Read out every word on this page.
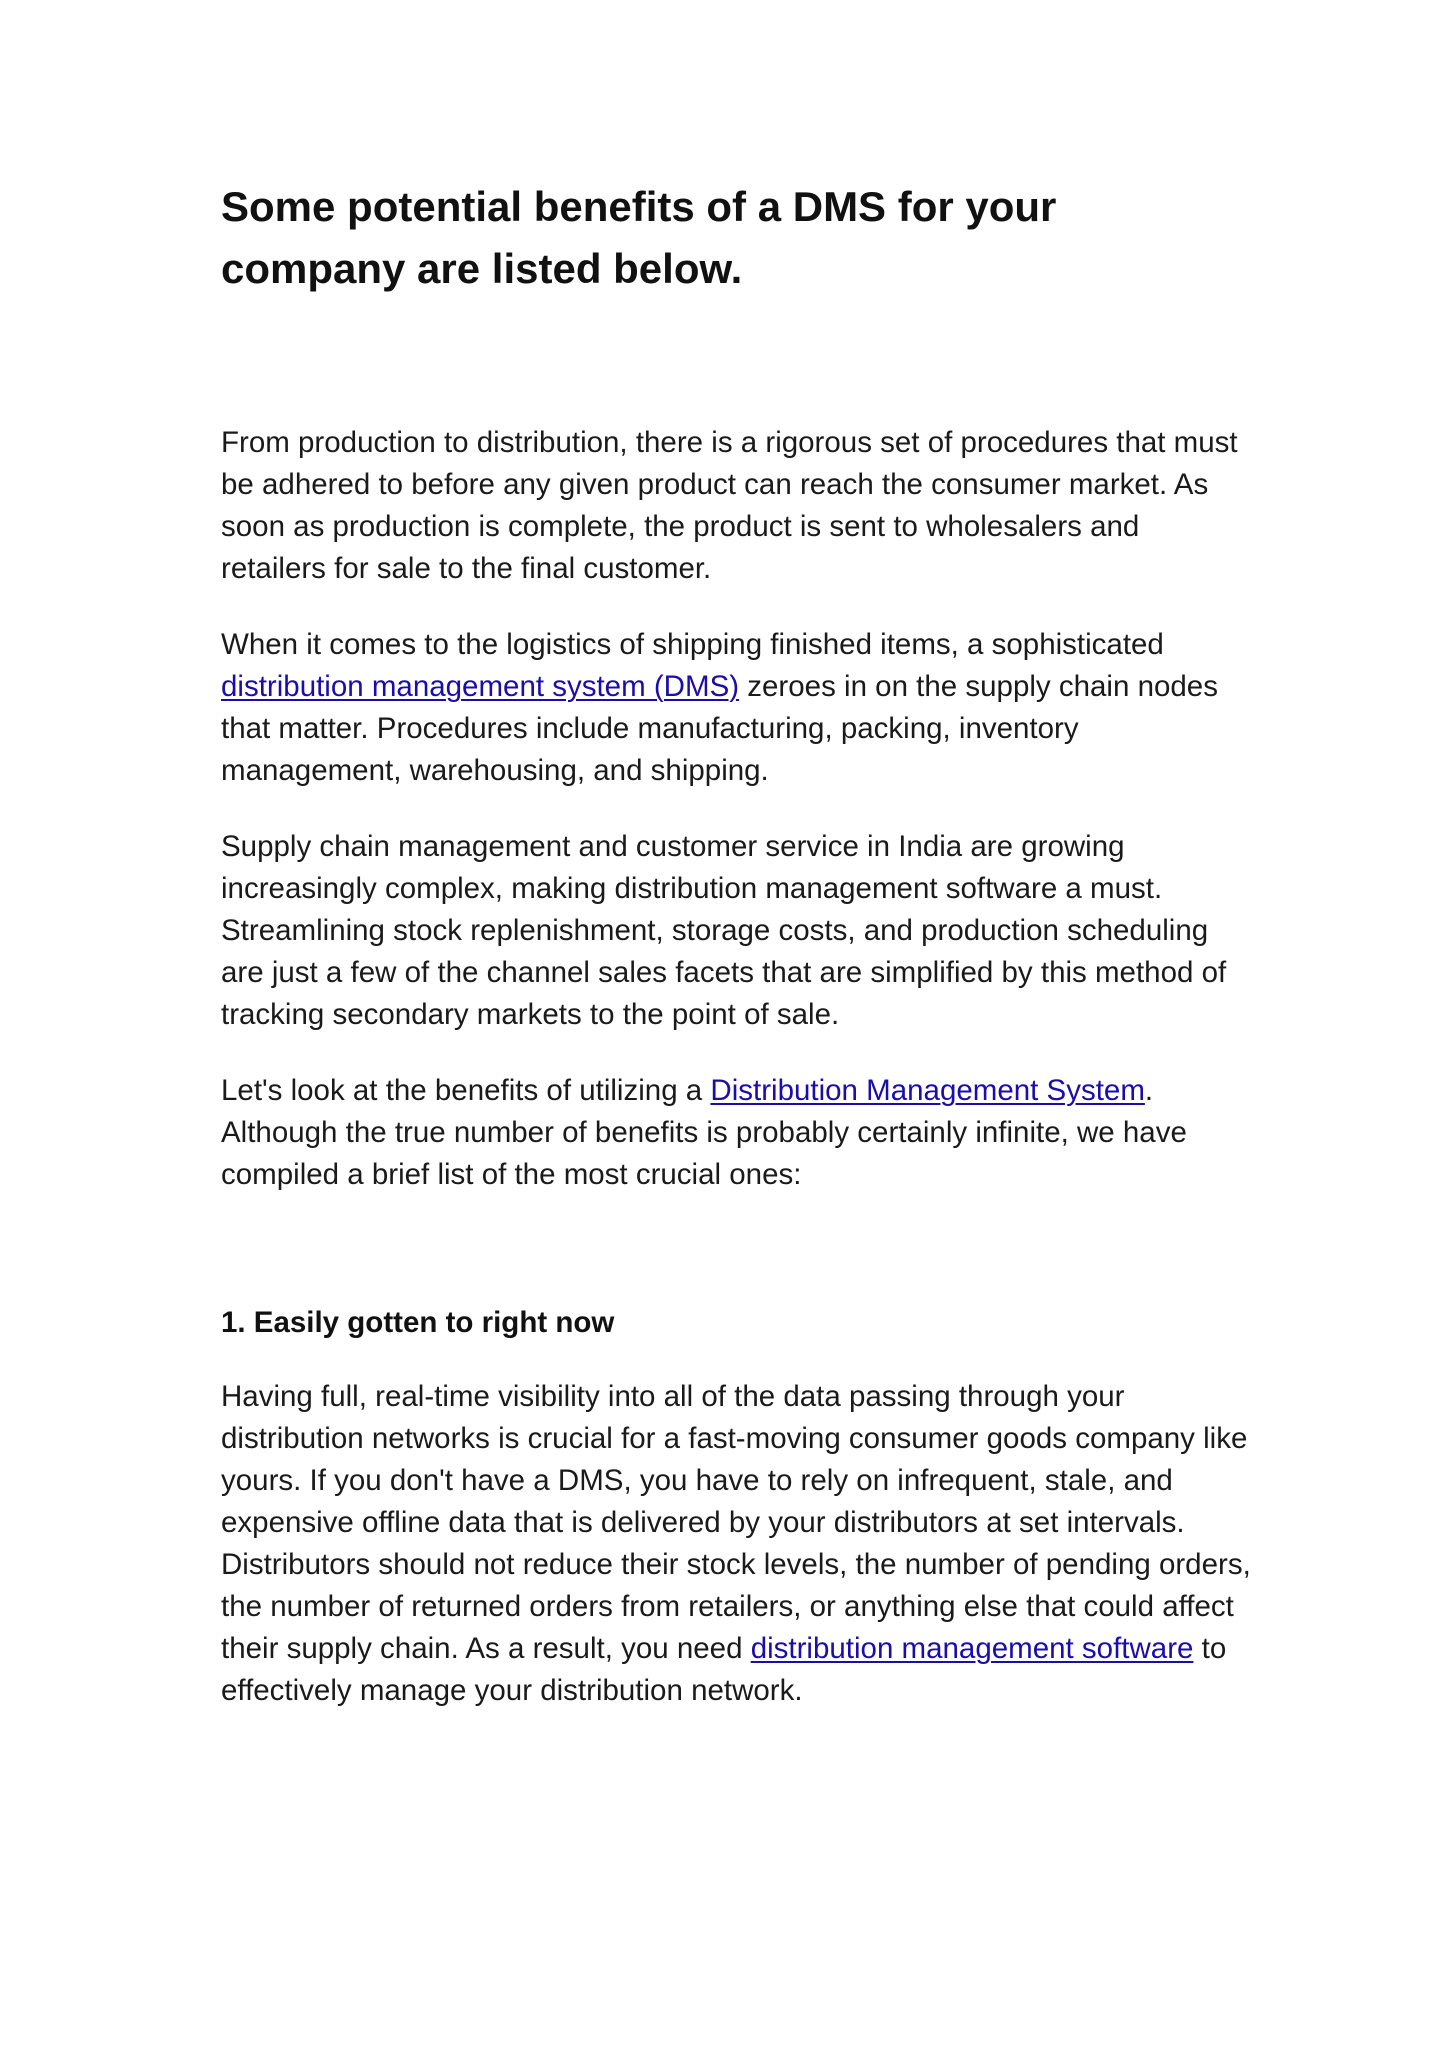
Some potential benefits of a DMS for your company are listed below.

From production to distribution, there is a rigorous set of procedures that must be adhered to before any given product can reach the consumer market. As soon as production is complete, the product is sent to wholesalers and retailers for sale to the final customer.

When it comes to the logistics of shipping finished items, a sophisticated distribution management system (DMS) zeroes in on the supply chain nodes that matter. Procedures include manufacturing, packing, inventory management, warehousing, and shipping.

Supply chain management and customer service in India are growing increasingly complex, making distribution management software a must. Streamlining stock replenishment, storage costs, and production scheduling are just a few of the channel sales facets that are simplified by this method of tracking secondary markets to the point of sale.

Let's look at the benefits of utilizing a Distribution Management System. Although the true number of benefits is probably certainly infinite, we have compiled a brief list of the most crucial ones:

1. Easily gotten to right now

Having full, real-time visibility into all of the data passing through your distribution networks is crucial for a fast-moving consumer goods company like yours. If you don't have a DMS, you have to rely on infrequent, stale, and expensive offline data that is delivered by your distributors at set intervals. Distributors should not reduce their stock levels, the number of pending orders, the number of returned orders from retailers, or anything else that could affect their supply chain. As a result, you need distribution management software to effectively manage your distribution network.
